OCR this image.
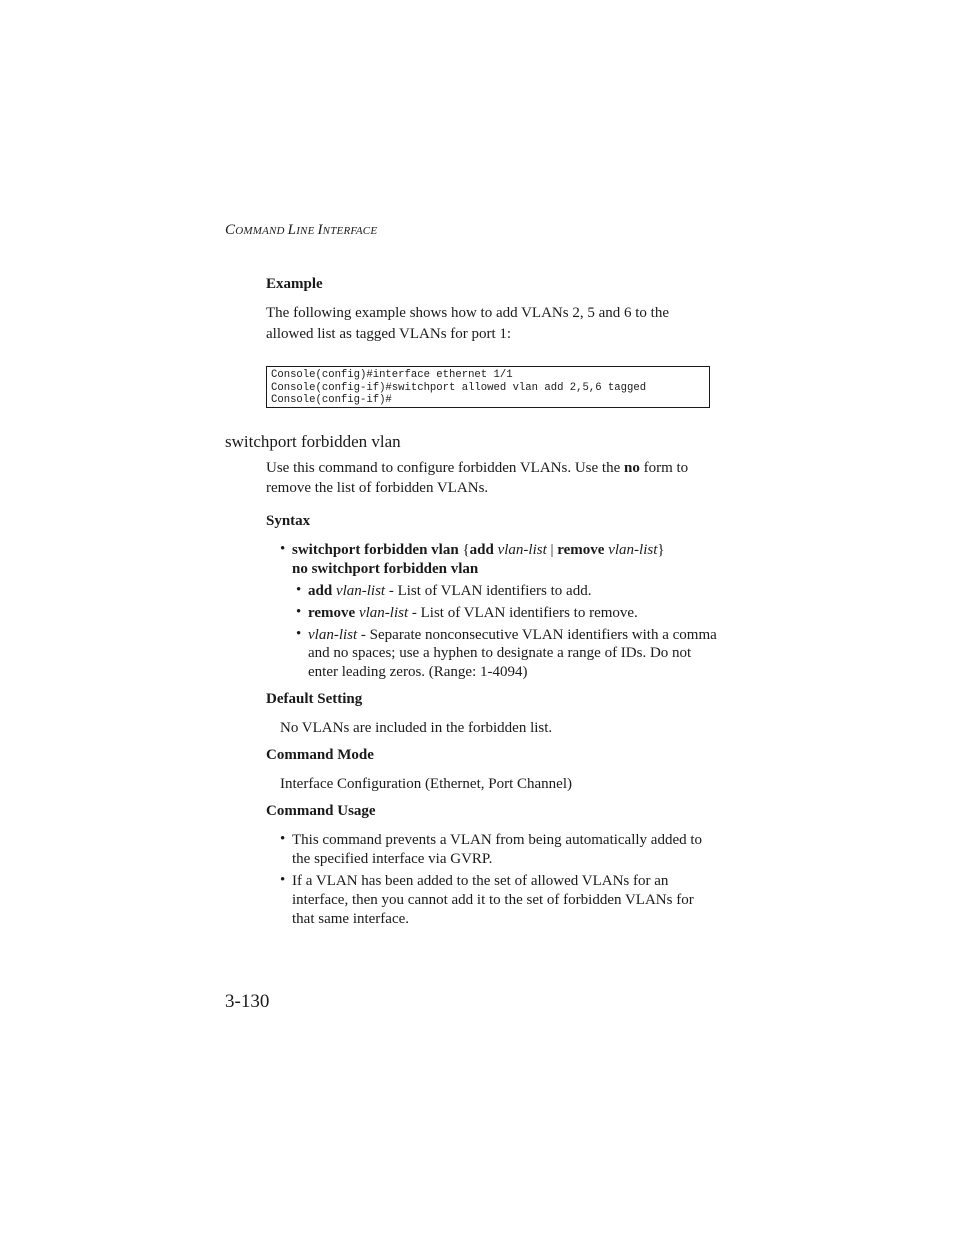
COMMAND LINE INTERFACE
Example
The following example shows how to add VLANs 2, 5 and 6 to the
allowed list as tagged VLANs for port 1:
Console(config)#interface ethernet 1/1
Console(config-if)#switchport allowed vlan add 2,5,6 tagged
Console(config-if)#
switchport forbidden vlan
Use this command to configure forbidden VLANs. Use the no form to
remove the list of forbidden VLANs.
Syntax
• switchport forbidden vlan {add vlan-list | remove vlan-list}
no switchport forbidden vlan
• add vlan-list - List of VLAN identifiers to add.
• remove vlan-list - List of VLAN identifiers to remove.
• vlan-list - Separate nonconsecutive VLAN identifiers with a comma
and no spaces; use a hyphen to designate a range of IDs. Do not
enter leading zeros. (Range: 1-4094)
Default Setting
No VLANs are included in the forbidden list.
Command Mode
Interface Configuration (Ethernet, Port Channel)
Command Usage
• This command prevents a VLAN from being automatically added to
the specified interface via GVRP.
• If a VLAN has been added to the set of allowed VLANs for an
interface, then you cannot add it to the set of forbidden VLANs for
that same interface.
3-130
